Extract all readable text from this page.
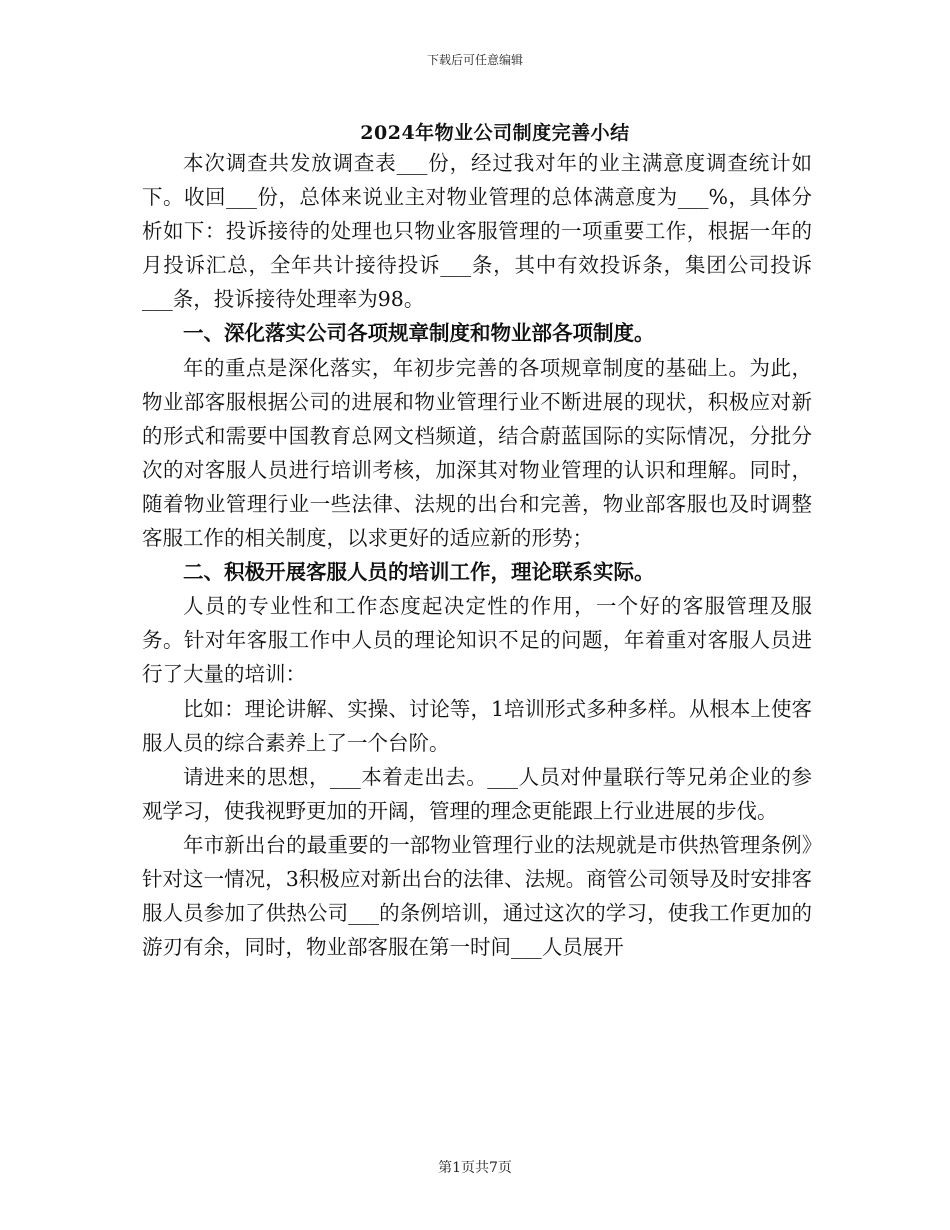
下载后可任意编辑
2024年物业公司制度完善小结

本次调查共发放调查表___份，经过我对年的业主满意度调查统计如下。收回___份，总体来说业主对物业管理的总体满意度为___%，具体分析如下：投诉接待的处理也只物业客服管理的一项重要工作，根据一年的月投诉汇总，全年共计接待投诉___条，其中有效投诉条，集团公司投诉___条，投诉接待处理率为98。

一、深化落实公司各项规章制度和物业部各项制度。

年的重点是深化落实，年初步完善的各项规章制度的基础上。为此，物业部客服根据公司的进展和物业管理行业不断进展的现状，积极应对新的形式和需要中国教育总网文档频道，结合蔚蓝国际的实际情况，分批分次的对客服人员进行培训考核，加深其对物业管理的认识和理解。同时，随着物业管理行业一些法律、法规的出台和完善，物业部客服也及时调整客服工作的相关制度，以求更好的适应新的形势；

二、积极开展客服人员的培训工作，理论联系实际。

人员的专业性和工作态度起决定性的作用，一个好的客服管理及服务。针对年客服工作中人员的理论知识不足的问题，年着重对客服人员进行了大量的培训：

比如：理论讲解、实操、讨论等，1培训形式多种多样。从根本上使客服人员的综合素养上了一个台阶。

请进来的思想，___本着走出去。___人员对仲量联行等兄弟企业的参观学习，使我视野更加的开阔，管理的理念更能跟上行业进展的步伐。

年市新出台的最重要的一部物业管理行业的法规就是市供热管理条例》针对这一情况，3积极应对新出台的法律、法规。商管公司领导及时安排客服人员参加了供热公司___的条例培训，通过这次的学习，使我工作更加的游刃有余，同时，物业部客服在第一时间___人员展开

第1页共7页
